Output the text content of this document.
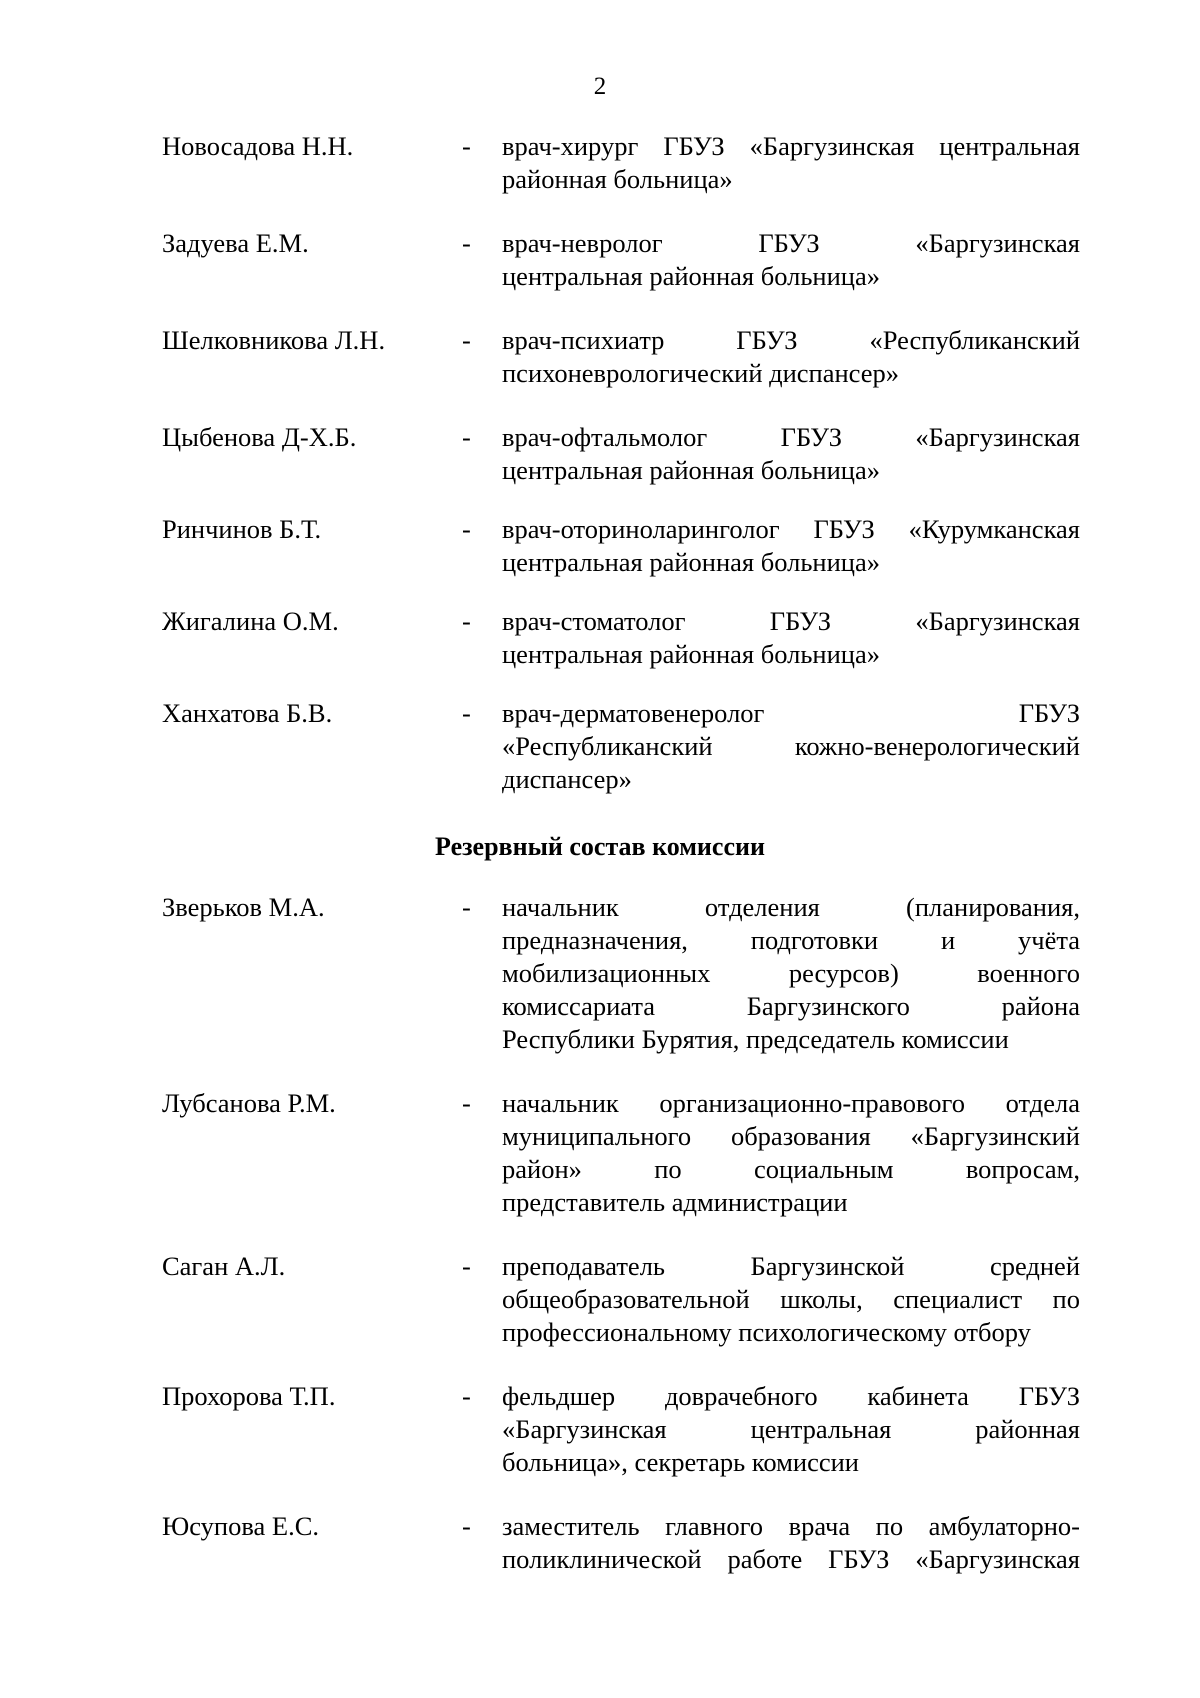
2
Новосадова Н.Н.	- врач-хирург ГБУЗ «Баргузинская центральная
районная больница»
Задуева Е.М.	- врач-невролог ГБУЗ «Баргузинская
центральная районная больница»
Шелковникова Л.Н.	- врач-психиатр ГБУЗ «Республиканский
психоневрологический диспансер»
Цыбенова Д-Х.Б.	- врач-офтальмолог ГБУЗ «Баргузинская
центральная районная больница»
Ринчинов Б.Т.	- врач-оториноларинголог ГБУЗ «Курумканская
центральная районная больница»
Жигалина О.М.	- врач-стоматолог ГБУЗ «Баргузинская
центральная районная больница»
Ханхатова Б.В.	- врач-дерматовенеролог ГБУЗ
«Республиканский кожно-венерологический
диспансер»
Резервный состав комиссии
Зверьков М.А.	- начальник отделения (планирования,
предназначения, подготовки и учёта
мобилизационных ресурсов) военного
комиссариата Баргузинского района
Республики Бурятия, председатель комиссии
Лубсанова Р.М.	- начальник организационно-правового отдела
муниципального образования «Баргузинский
район» по социальным вопросам,
представитель администрации
Саган А.Л.	- преподаватель Баргузинской средней
общеобразовательной школы, специалист по
профессиональному психологическому отбору
Прохорова Т.П.	- фельдшер доврачебного кабинета ГБУЗ
«Баргузинская центральная районная
больница», секретарь комиссии
Юсупова Е.С.	- заместитель главного врача по амбулаторно-
поликлинической работе ГБУЗ «Баргузинская
